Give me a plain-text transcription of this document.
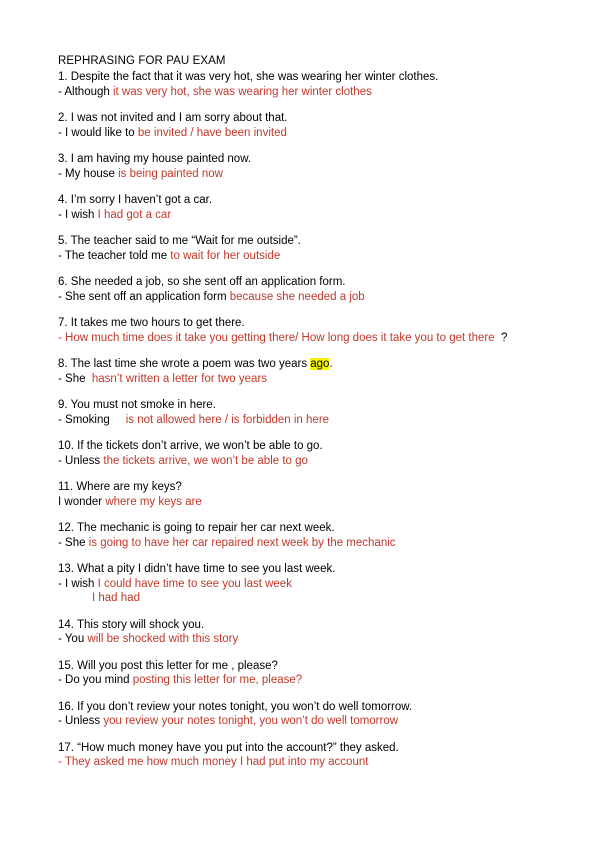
REPHRASING FOR PAU EXAM
1. Despite the fact that it was very hot, she was wearing her winter clothes.
- Although it was very hot, she was wearing her winter clothes
2. I was not invited and I am sorry about that.
- I would like to be invited / have been invited
3. I am having my house painted now.
- My house is being painted now
4. I’m sorry I haven’t got a car.
- I wish I had got a car
5. The teacher said to me “Wait for me outside”.
- The teacher told me to wait for her outside
6. She needed a job, so she sent off an application form.
- She sent off an application form because she needed a job
7. It takes me two hours to get there.
- How much time does it take you getting there/ How long does it take you to get there  ?
8. The last time she wrote a poem was two years ago.
- She  hasn’t written a letter for two years
9. You must not smoke in here.
- Smoking     is not allowed here / is forbidden in here
10. If the tickets don’t arrive, we won’t be able to go.
- Unless the tickets arrive, we won’t be able to go
11. Where are my keys?
I wonder where my keys are
12. The mechanic is going to repair her car next week.
- She is going to have her car repaired next week by the mechanic
13. What a pity I didn’t have time to see you last week.
- I wish I could have time to see you last week
I had had
14. This story will shock you.
- You will be shocked with this story
15. Will you post this letter for me , please?
- Do you mind posting this letter for me, please?
16. If you don’t review your notes tonight, you won’t do well tomorrow.
- Unless you review your notes tonight, you won’t do well tomorrow
17. “How much money have you put into the account?” they asked.
- They asked me how much money I had put into my account
